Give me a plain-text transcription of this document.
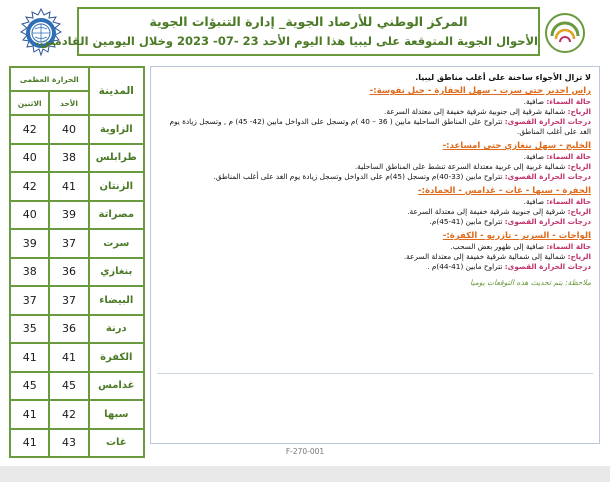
المركز الوطني للأرصاد الجوية_ إدارة التنبؤات الجوية
الأحوال الجوية المتوقعة على ليبيا هذا اليوم الأحد 23 -07- 2023 وخلال اليومين القادمين.
المدينة	الحرارة العظمى	
	الأحد	الاثنين
الزاوية	40	42
طرابلس	38	40
الزنتان	41	42
مصراتة	39	40
سرت	37	39
بنغازي	36	38
البيضاء	37	37
درنة	36	35
الكفرة	41	41
غدامس	45	45
سبها	42	41
غات	43	41
لا تزال الأجواء ساخنة على أغلب مناطق ليبيا.
راس اجدير حتى سرت - سهل الجفارة - جبل نفوسة:-
حالة السماء: صافية.
الرياح: شمالية شرقية إلى جنوبية شرقية خفيفة إلى معتدلة السرعة.
درجات الحرارة القصوى: تتراوح على المناطق الساحلية مابين ( 36 – 40 )م وتسجل على الدواخل مابين (42- 45) م , وتسجل زيادة يوم الغد على أغلب المناطق.
الخليج - سهل بنغازي حتى امساعد:-
حالة السماء: صافية.
الرياح: شمالية غربية إلى غربية معتدلة السرعة تنشط على المناطق الساحلية.
درجات الحرارة القصوى: تتراوح مابين (33-40)م وتسجل (45)م على الدواخل وتسجل زيادة يوم الغد على أغلب المناطق.
الجفرة - سبها - غات - غدامس - الحمادة:-
حالة السماء: صافية.
الرياح: شرقية إلى جنوبية شرقية خفيفة إلى معتدلة السرعة.
درجات الحرارة القصوى: تتراوح مابين (41-45)م.
الواحات - السرير - تازربو - الكفرة:-
حالة السماء: صافية إلى ظهور بعض السحب.
الرياح: شمالية إلى شمالية شرقية خفيفة إلى معتدلة السرعة.
درجات الحرارة القصوى: تتراوح مابين (41-44)م .
ملاحظة: يتم تحديث هذه التوقعات يوميا
F-270-001
